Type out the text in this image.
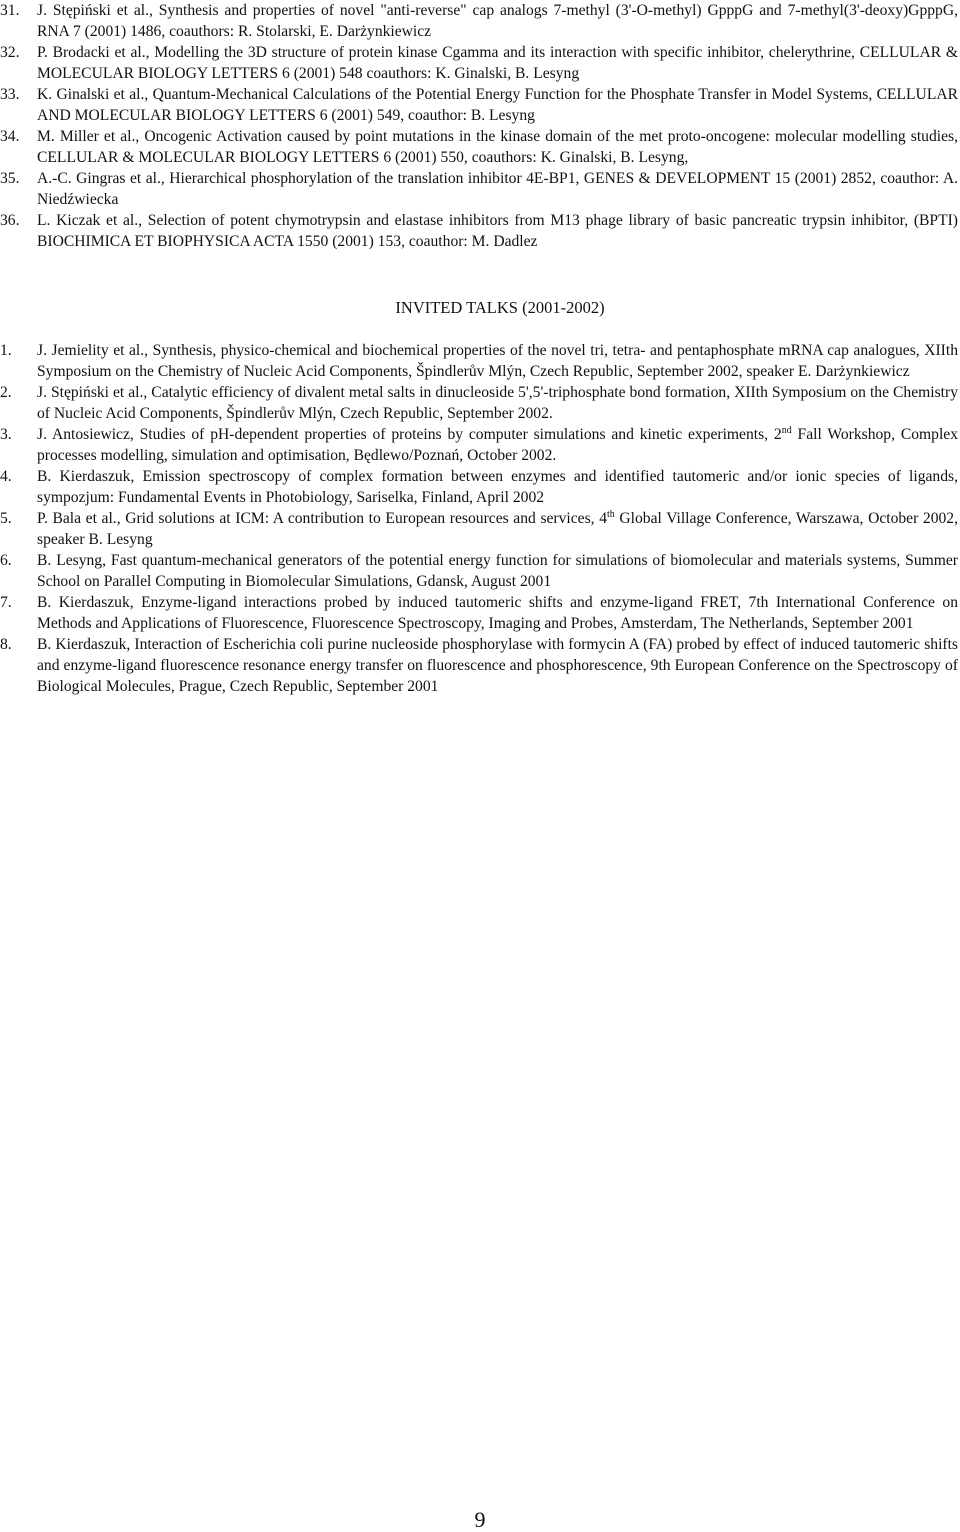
31. J. Stępiński et al., Synthesis and properties of novel "anti-reverse" cap analogs 7-methyl (3'-O-methyl) GpppG and 7-methyl(3'-deoxy)GpppG, RNA 7 (2001) 1486, coauthors: R. Stolarski, E. Darżynkiewicz
32. P. Brodacki et al., Modelling the 3D structure of protein kinase Cgamma and its interaction with specific inhibitor, chelerythrine, CELLULAR & MOLECULAR BIOLOGY LETTERS 6 (2001) 548 coauthors: K. Ginalski, B. Lesyng
33. K. Ginalski et al., Quantum-Mechanical Calculations of the Potential Energy Function for the Phosphate Transfer in Model Systems, CELLULAR AND MOLECULAR BIOLOGY LETTERS 6 (2001) 549, coauthor: B. Lesyng
34. M. Miller et al., Oncogenic Activation caused by point mutations in the kinase domain of the met proto-oncogene: molecular modelling studies, CELLULAR & MOLECULAR BIOLOGY LETTERS 6 (2001) 550, coauthors: K. Ginalski, B. Lesyng,
35. A.-C. Gingras et al., Hierarchical phosphorylation of the translation inhibitor 4E-BP1, GENES & DEVELOPMENT 15 (2001) 2852, coauthor: A. Niedźwiecka
36. L. Kiczak et al., Selection of potent chymotrypsin and elastase inhibitors from M13 phage library of basic pancreatic trypsin inhibitor, (BPTI) BIOCHIMICA ET BIOPHYSICA ACTA 1550 (2001) 153, coauthor: M. Dadlez
INVITED TALKS (2001-2002)
1. J. Jemielity et al., Synthesis, physico-chemical and biochemical properties of the novel tri, tetra- and pentaphosphate mRNA cap analogues, XIIth Symposium on the Chemistry of Nucleic Acid Components, Špindlerův Mlýn, Czech Republic, September 2002, speaker E. Darżynkiewicz
2. J. Stępiński et al., Catalytic efficiency of divalent metal salts in dinucleoside 5',5'-triphosphate bond formation, XIIth Symposium on the Chemistry of Nucleic Acid Components, Špindlerův Mlýn, Czech Republic, September 2002.
3. J. Antosiewicz, Studies of pH-dependent properties of proteins by computer simulations and kinetic experiments, 2nd Fall Workshop, Complex processes modelling, simulation and optimisation, Będlewo/Poznań, October 2002.
4. B. Kierdaszuk, Emission spectroscopy of complex formation between enzymes and identified tautomeric and/or ionic species of ligands, sympozjum: Fundamental Events in Photobiology, Sariselka, Finland, April 2002
5. P. Bala et al., Grid solutions at ICM: A contribution to European resources and services, 4th Global Village Conference, Warszawa, October 2002, speaker B. Lesyng
6. B. Lesyng, Fast quantum-mechanical generators of the potential energy function for simulations of biomolecular and materials systems, Summer School on Parallel Computing in Biomolecular Simulations, Gdansk, August 2001
7. B. Kierdaszuk, Enzyme-ligand interactions probed by induced tautomeric shifts and enzyme-ligand FRET, 7th International Conference on Methods and Applications of Fluorescence, Fluorescence Spectroscopy, Imaging and Probes, Amsterdam, The Netherlands, September 2001
8. B. Kierdaszuk, Interaction of Escherichia coli purine nucleoside phosphorylase with formycin A (FA) probed by effect of induced tautomeric shifts and enzyme-ligand fluorescence resonance energy transfer on fluorescence and phosphorescence, 9th European Conference on the Spectroscopy of Biological Molecules, Prague, Czech Republic, September 2001
9
